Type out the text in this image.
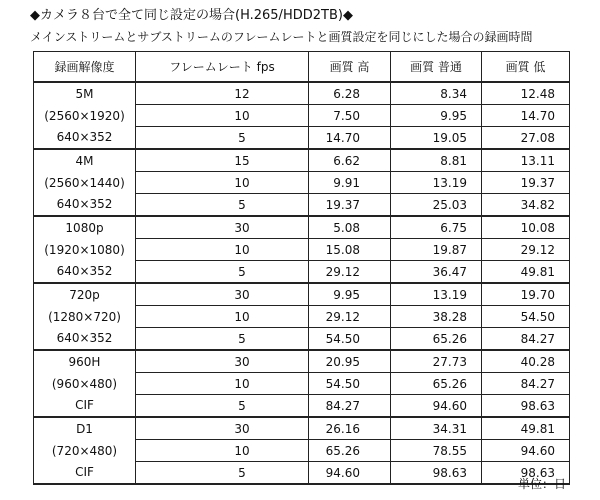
◆カメラ８台で全て同じ設定の場合(H.265/HDD2TB)◆
メインストリームとサブストリームのフレームレートと画質設定を同じにした場合の録画時間
録画解像度	フレームレート fps	画質 高	画質 普通	画質 低
5M	12	6.28	8.34	12.48
(2560×1920)	10	7.50	9.95	14.70
640×352	5	14.70	19.05	27.08
4M	15	6.62	8.81	13.11
(2560×1440)	10	9.91	13.19	19.37
640×352	5	19.37	25.03	34.82
1080p	30	5.08	6.75	10.08
(1920×1080)	10	15.08	19.87	29.12
640×352	5	29.12	36.47	49.81
720p	30	9.95	13.19	19.70
(1280×720)	10	29.12	38.28	54.50
640×352	5	54.50	65.26	84.27
960H	30	20.95	27.73	40.28
(960×480)	10	54.50	65.26	84.27
CIF	5	84.27	94.60	98.63
D1	30	26.16	34.31	49.81
(720×480)	10	65.26	78.55	94.60
CIF	5	94.60	98.63	98.63
単位：日
